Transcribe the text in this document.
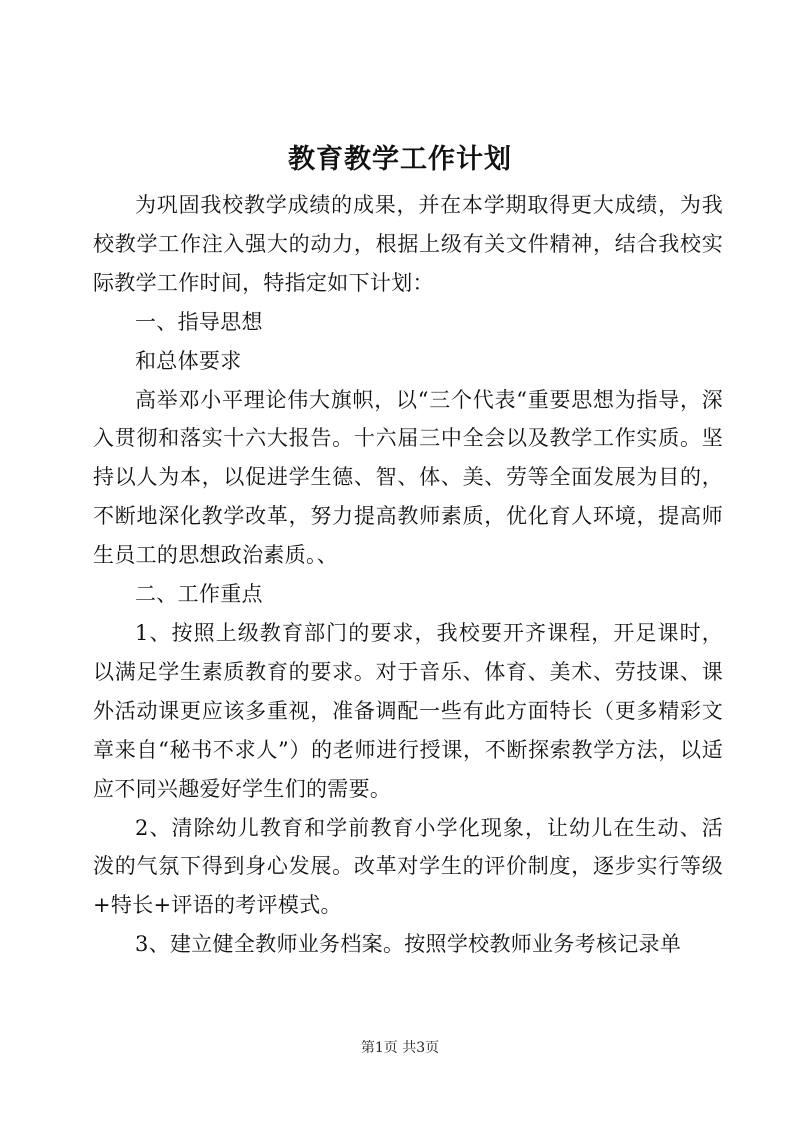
教育教学工作计划

为巩固我校教学成绩的成果，并在本学期取得更大成绩，为我校教学工作注入强大的动力，根据上级有关文件精神，结合我校实际教学工作时间，特指定如下计划：

一、指导思想

和总体要求

高举邓小平理论伟大旗帜，以“三个代表“重要思想为指导，深入贯彻和落实十六大报告。十六届三中全会以及教学工作实质。坚持以人为本，以促进学生德、智、体、美、劳等全面发展为目的，不断地深化教学改革，努力提高教师素质，优化育人环境，提高师生员工的思想政治素质。、

二、工作重点

1、按照上级教育部门的要求，我校要开齐课程，开足课时，以满足学生素质教育的要求。对于音乐、体育、美术、劳技课、课外活动课更应该多重视，准备调配一些有此方面特长（更多精彩文章来自“秘书不求人”）的老师进行授课，不断探索教学方法，以适应不同兴趣爱好学生们的需要。

2、清除幼儿教育和学前教育小学化现象，让幼儿在生动、活泼的气氛下得到身心发展。改革对学生的评价制度，逐步实行等级+特长+评语的考评模式。

3、建立健全教师业务档案。按照学校教师业务考核记录单

第1页 共3页
